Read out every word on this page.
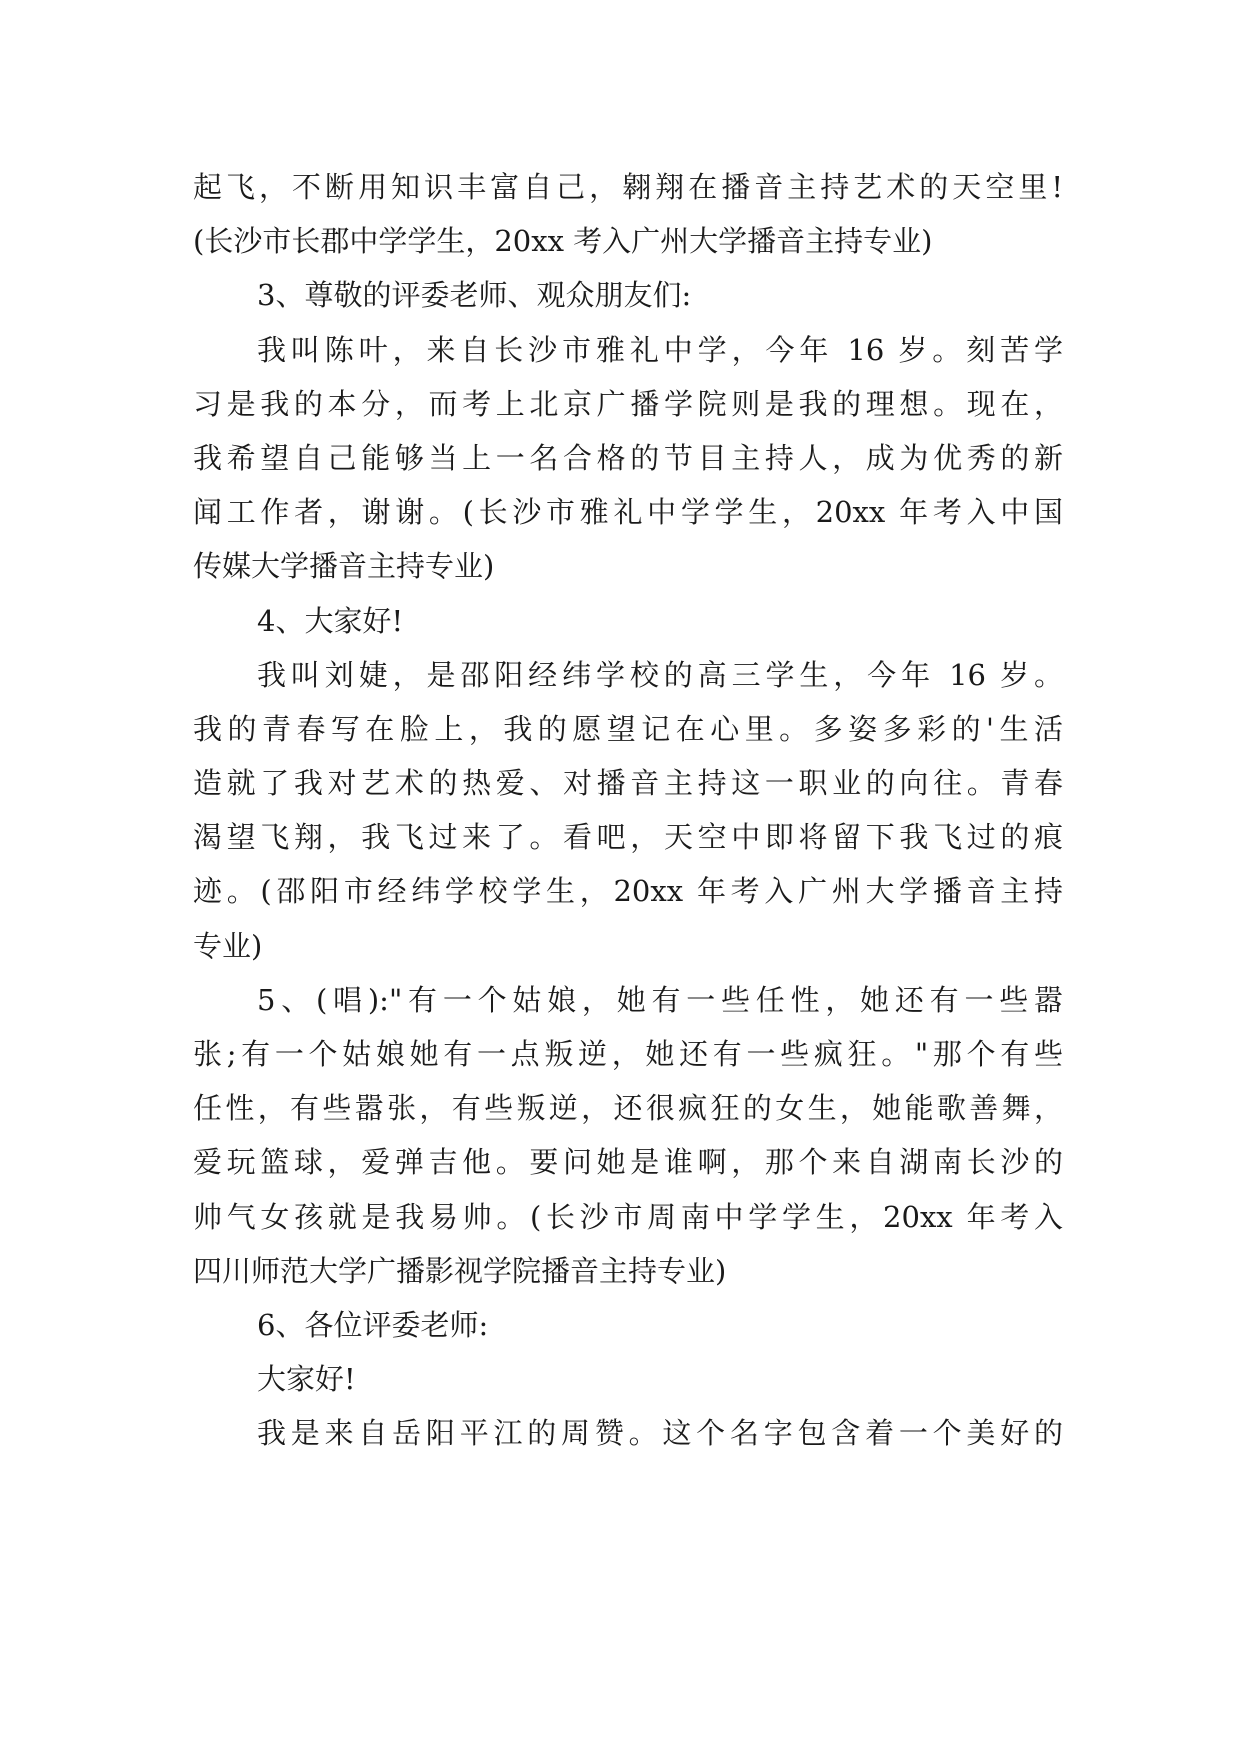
起飞，不断用知识丰富自己，翱翔在播音主持艺术的天空里!
(长沙市长郡中学学生，20xx 考入广州大学播音主持专业)
3、尊敬的评委老师、观众朋友们:
我叫陈叶，来自长沙市雅礼中学，今年 16 岁。刻苦学
习是我的本分，而考上北京广播学院则是我的理想。现在，
我希望自己能够当上一名合格的节目主持人，成为优秀的新
闻工作者，谢谢。(长沙市雅礼中学学生，20xx 年考入中国
传媒大学播音主持专业)
4、大家好!
我叫刘婕，是邵阳经纬学校的高三学生，今年 16 岁。
我的青春写在脸上，我的愿望记在心里。多姿多彩的'生活
造就了我对艺术的热爱、对播音主持这一职业的向往。青春
渴望飞翔，我飞过来了。看吧，天空中即将留下我飞过的痕
迹。(邵阳市经纬学校学生，20xx 年考入广州大学播音主持
专业)
5、(唱):"有一个姑娘，她有一些任性，她还有一些嚣
张;有一个姑娘她有一点叛逆，她还有一些疯狂。"那个有些
任性，有些嚣张，有些叛逆，还很疯狂的女生，她能歌善舞，
爱玩篮球，爱弹吉他。要问她是谁啊，那个来自湖南长沙的
帅气女孩就是我易帅。(长沙市周南中学学生，20xx 年考入
四川师范大学广播影视学院播音主持专业)
6、各位评委老师:
大家好!
我是来自岳阳平江的周赞。这个名字包含着一个美好的
